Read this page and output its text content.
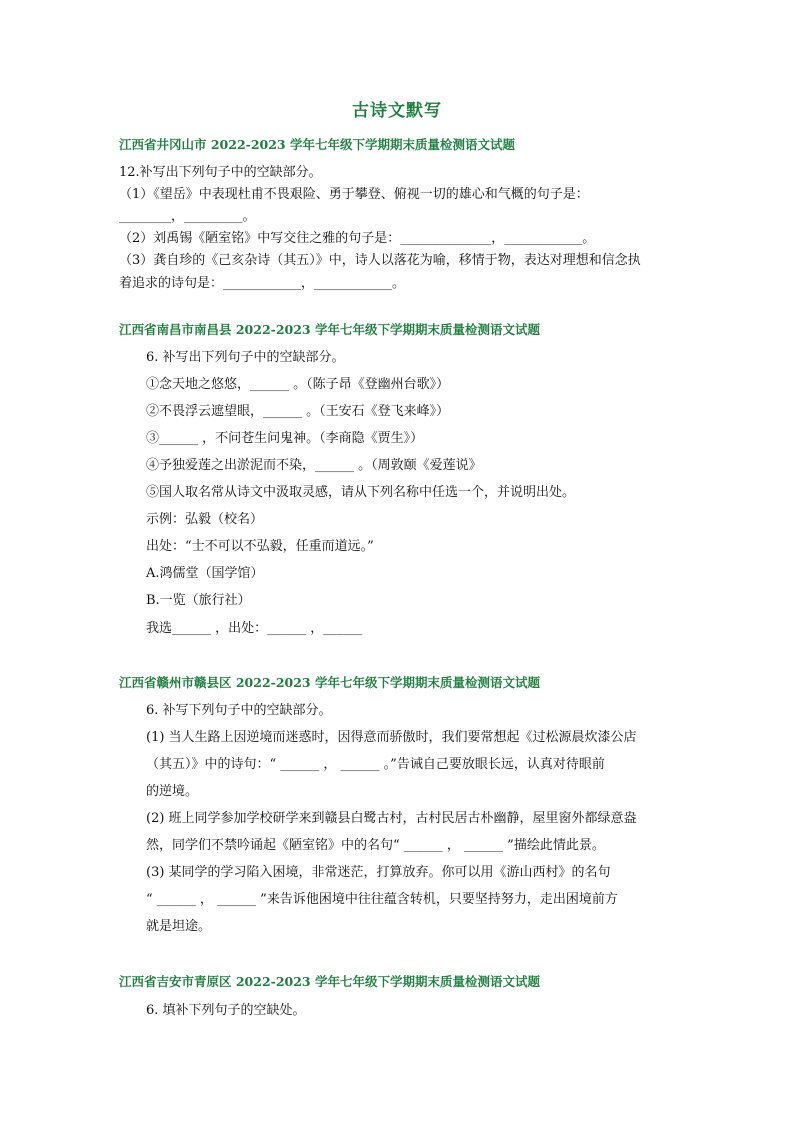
古诗文默写
江西省井冈山市 2022-2023 学年七年级下学期期末质量检测语文试题
12.补写出下列句子中的空缺部分。
（1）《望岳》中表现杜甫不畏艰险、勇于攀登、俯视一切的雄心和气概的句子是：
________，_________。
（2）刘禹锡《陋室铭》中写交往之雅的句子是：______________，____________。
（3）龚自珍的《己亥杂诗（其五）》中，诗人以落花为喻，移情于物，表达对理想和信念执
着追求的诗句是：____________，____________。
江西省南昌市南昌县 2022-2023 学年七年级下学期期末质量检测语文试题
6. 补写出下列句子中的空缺部分。
①念天地之悠悠，______ 。（陈子昂《登幽州台歌》）
②不畏浮云遮望眼，______ 。（王安石《登飞来峰》）
③______ ，不问苍生问鬼神。（李商隐《贾生》）
④予独爱莲之出淤泥而不染，______ 。（周敦颐《爱莲说》
⑤国人取名常从诗文中汲取灵感，请从下列名称中任选一个，并说明出处。
示例：弘毅（校名）
出处：“士不可以不弘毅，任重而道远。”
A.鸿儒堂（国学馆）
B.一览（旅行社）
我选______ ，出处：______ ，______
江西省赣州市赣县区 2022-2023 学年七年级下学期期末质量检测语文试题
6. 补写下列句子中的空缺部分。
(1) 当人生路上因逆境而迷惑时，因得意而骄傲时，我们要常想起《过松源晨炊漆公店
（其五）》中的诗句：“ ______ ， ______ 。”告诫自己要放眼长远，认真对待眼前
的逆境。
(2) 班上同学参加学校研学来到赣县白鹭古村，古村民居古朴幽静，屋里窗外都绿意盎
然，同学们不禁吟诵起《陋室铭》中的名句“ ______ ， ______ ”描绘此情此景。
(3) 某同学的学习陷入困境，非常迷茫，打算放弃。你可以用《游山西村》的名句
“ ______ ， ______ ”来告诉他困境中往往蕴含转机，只要坚持努力，走出困境前方
就是坦途。
江西省吉安市青原区 2022-2023 学年七年级下学期期末质量检测语文试题
6. 填补下列句子的空缺处。
